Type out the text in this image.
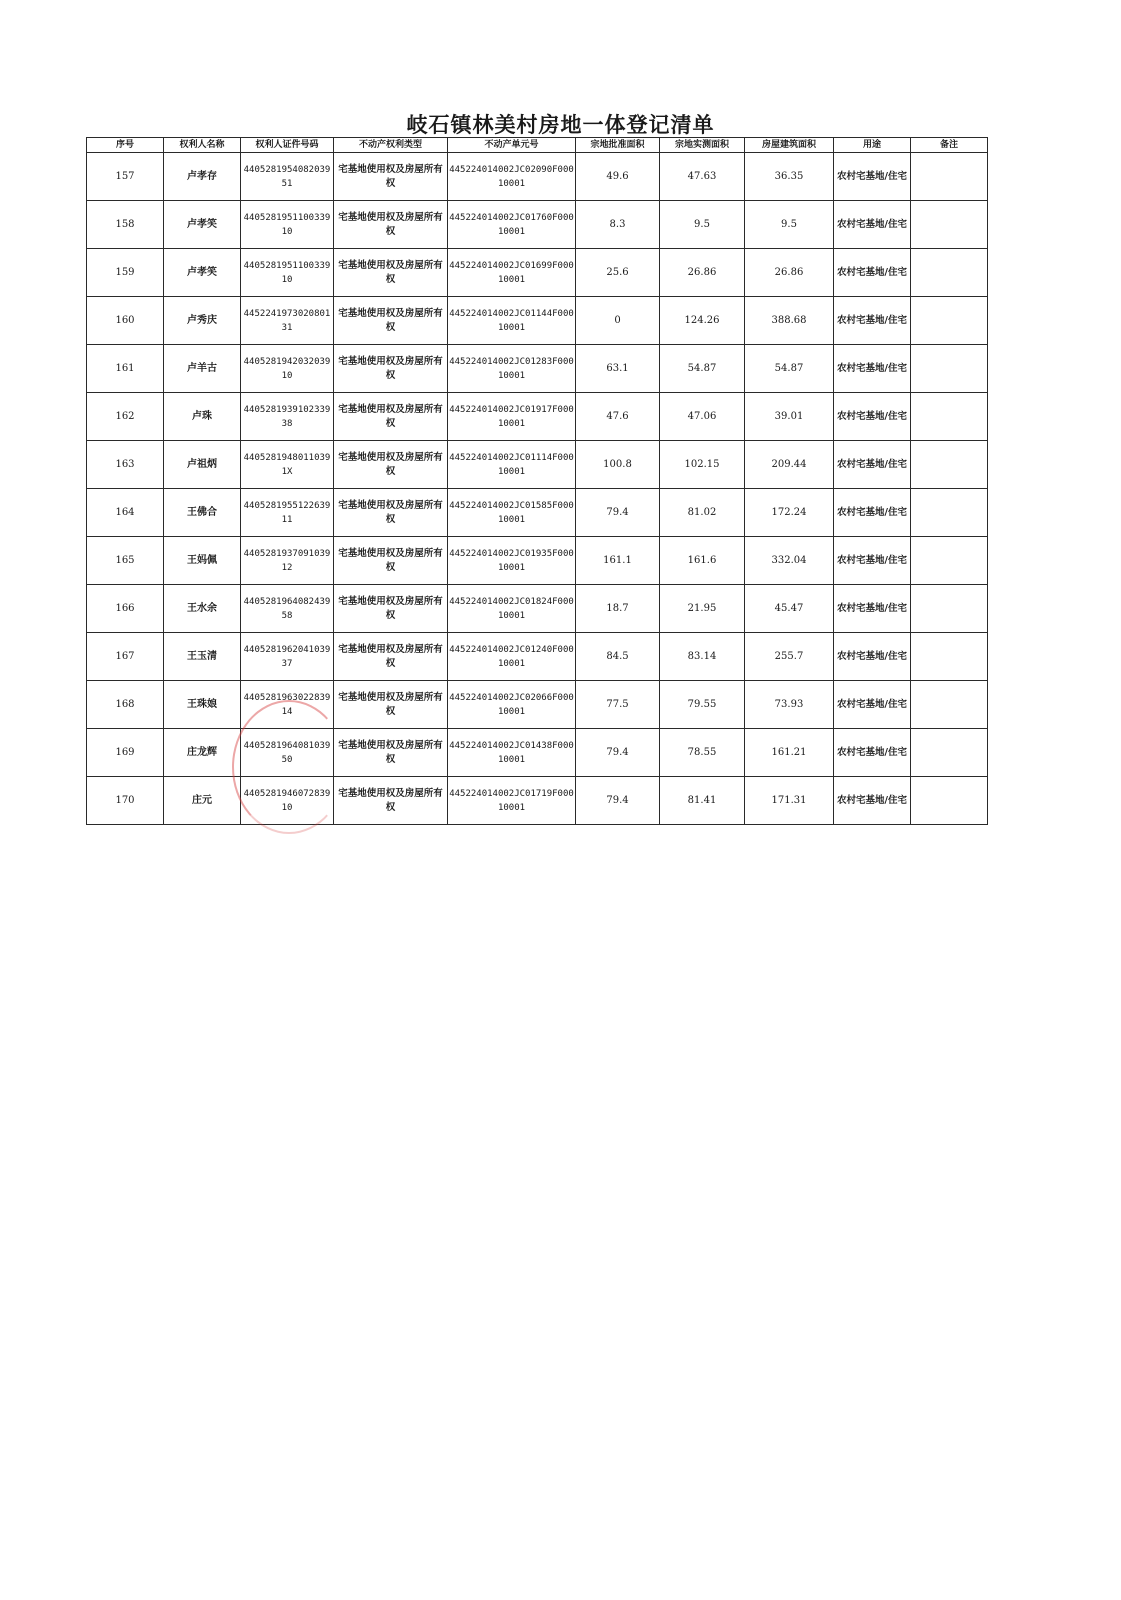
岐石镇林美村房地一体登记清单
序号	权利人名称	权利人证件号码	不动产权利类型	不动产单元号	宗地批准面积	宗地实测面积	房屋建筑面积	用途	备注
157	卢孝存	440528195408203951	宅基地使用权及房屋所有权	445224014002JC02090F00010001	49.6	47.63	36.35	农村宅基地/住宅	
158	卢孝笑	440528195110033910	宅基地使用权及房屋所有权	445224014002JC01760F00010001	8.3	9.5	9.5	农村宅基地/住宅	
159	卢孝笑	440528195110033910	宅基地使用权及房屋所有权	445224014002JC01699F00010001	25.6	26.86	26.86	农村宅基地/住宅	
160	卢秀庆	445224197302080131	宅基地使用权及房屋所有权	445224014002JC01144F00010001	0	124.26	388.68	农村宅基地/住宅	
161	卢羊古	440528194203203910	宅基地使用权及房屋所有权	445224014002JC01283F00010001	63.1	54.87	54.87	农村宅基地/住宅	
162	卢珠	440528193910233938	宅基地使用权及房屋所有权	445224014002JC01917F00010001	47.6	47.06	39.01	农村宅基地/住宅	
163	卢祖炳	44052819480110391X	宅基地使用权及房屋所有权	445224014002JC01114F00010001	100.8	102.15	209.44	农村宅基地/住宅	
164	王佛合	440528195512263911	宅基地使用权及房屋所有权	445224014002JC01585F00010001	79.4	81.02	172.24	农村宅基地/住宅	
165	王妈佩	440528193709103912	宅基地使用权及房屋所有权	445224014002JC01935F00010001	161.1	161.6	332.04	农村宅基地/住宅	
166	王水余	440528196408243958	宅基地使用权及房屋所有权	445224014002JC01824F00010001	18.7	21.95	45.47	农村宅基地/住宅	
167	王玉清	440528196204103937	宅基地使用权及房屋所有权	445224014002JC01240F00010001	84.5	83.14	255.7	农村宅基地/住宅	
168	王珠娘	440528196302283914	宅基地使用权及房屋所有权	445224014002JC02066F00010001	77.5	79.55	73.93	农村宅基地/住宅	
169	庄龙辉	440528196408103950	宅基地使用权及房屋所有权	445224014002JC01438F00010001	79.4	78.55	161.21	农村宅基地/住宅	
170	庄元	440528194607283910	宅基地使用权及房屋所有权	445224014002JC01719F00010001	79.4	81.41	171.31	农村宅基地/住宅	
